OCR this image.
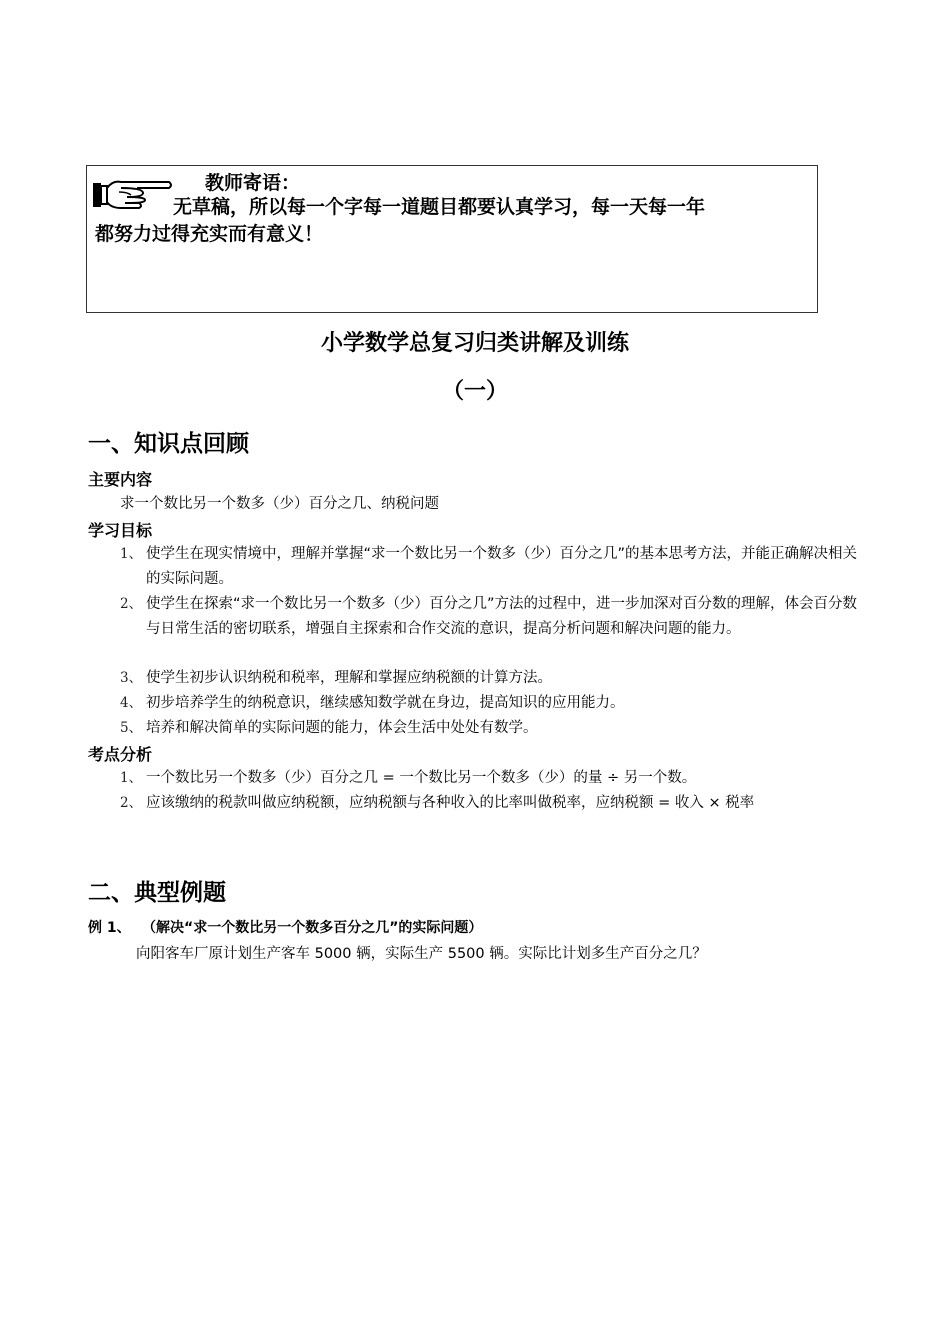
教师寄语：
无草稿，所以每一个字每一道题目都要认真学习，每一天每一年
都努力过得充实而有意义！
小学数学总复习归类讲解及训练
（一）
一、知识点回顾
主要内容
求一个数比另一个数多（少）百分之几、纳税问题
学习目标
1、 使学生在现实情境中，理解并掌握“求一个数比另一个数多（少）百分之几”的基本思考方法，并能正确解决相关的实际问题。
2、 使学生在探索“求一个数比另一个数多（少）百分之几”方法的过程中，进一步加深对百分数的理解，体会百分数与日常生活的密切联系，增强自主探索和合作交流的意识，提高分析问题和解决问题的能力。
3、 使学生初步认识纳税和税率，理解和掌握应纳税额的计算方法。
4、 初步培养学生的纳税意识，继续感知数学就在身边，提高知识的应用能力。
5、 培养和解决简单的实际问题的能力，体会生活中处处有数学。
考点分析
1、 一个数比另一个数多（少）百分之几 = 一个数比另一个数多（少）的量 ÷ 另一个数。
2、 应该缴纳的税款叫做应纳税额，应纳税额与各种收入的比率叫做税率，应纳税额 = 收入 × 税率
二、典型例题
例 1、 （解决“求一个数比另一个数多百分之几”的实际问题）
向阳客车厂原计划生产客车 5000 辆，实际生产 5500 辆。实际比计划多生产百分之几？
